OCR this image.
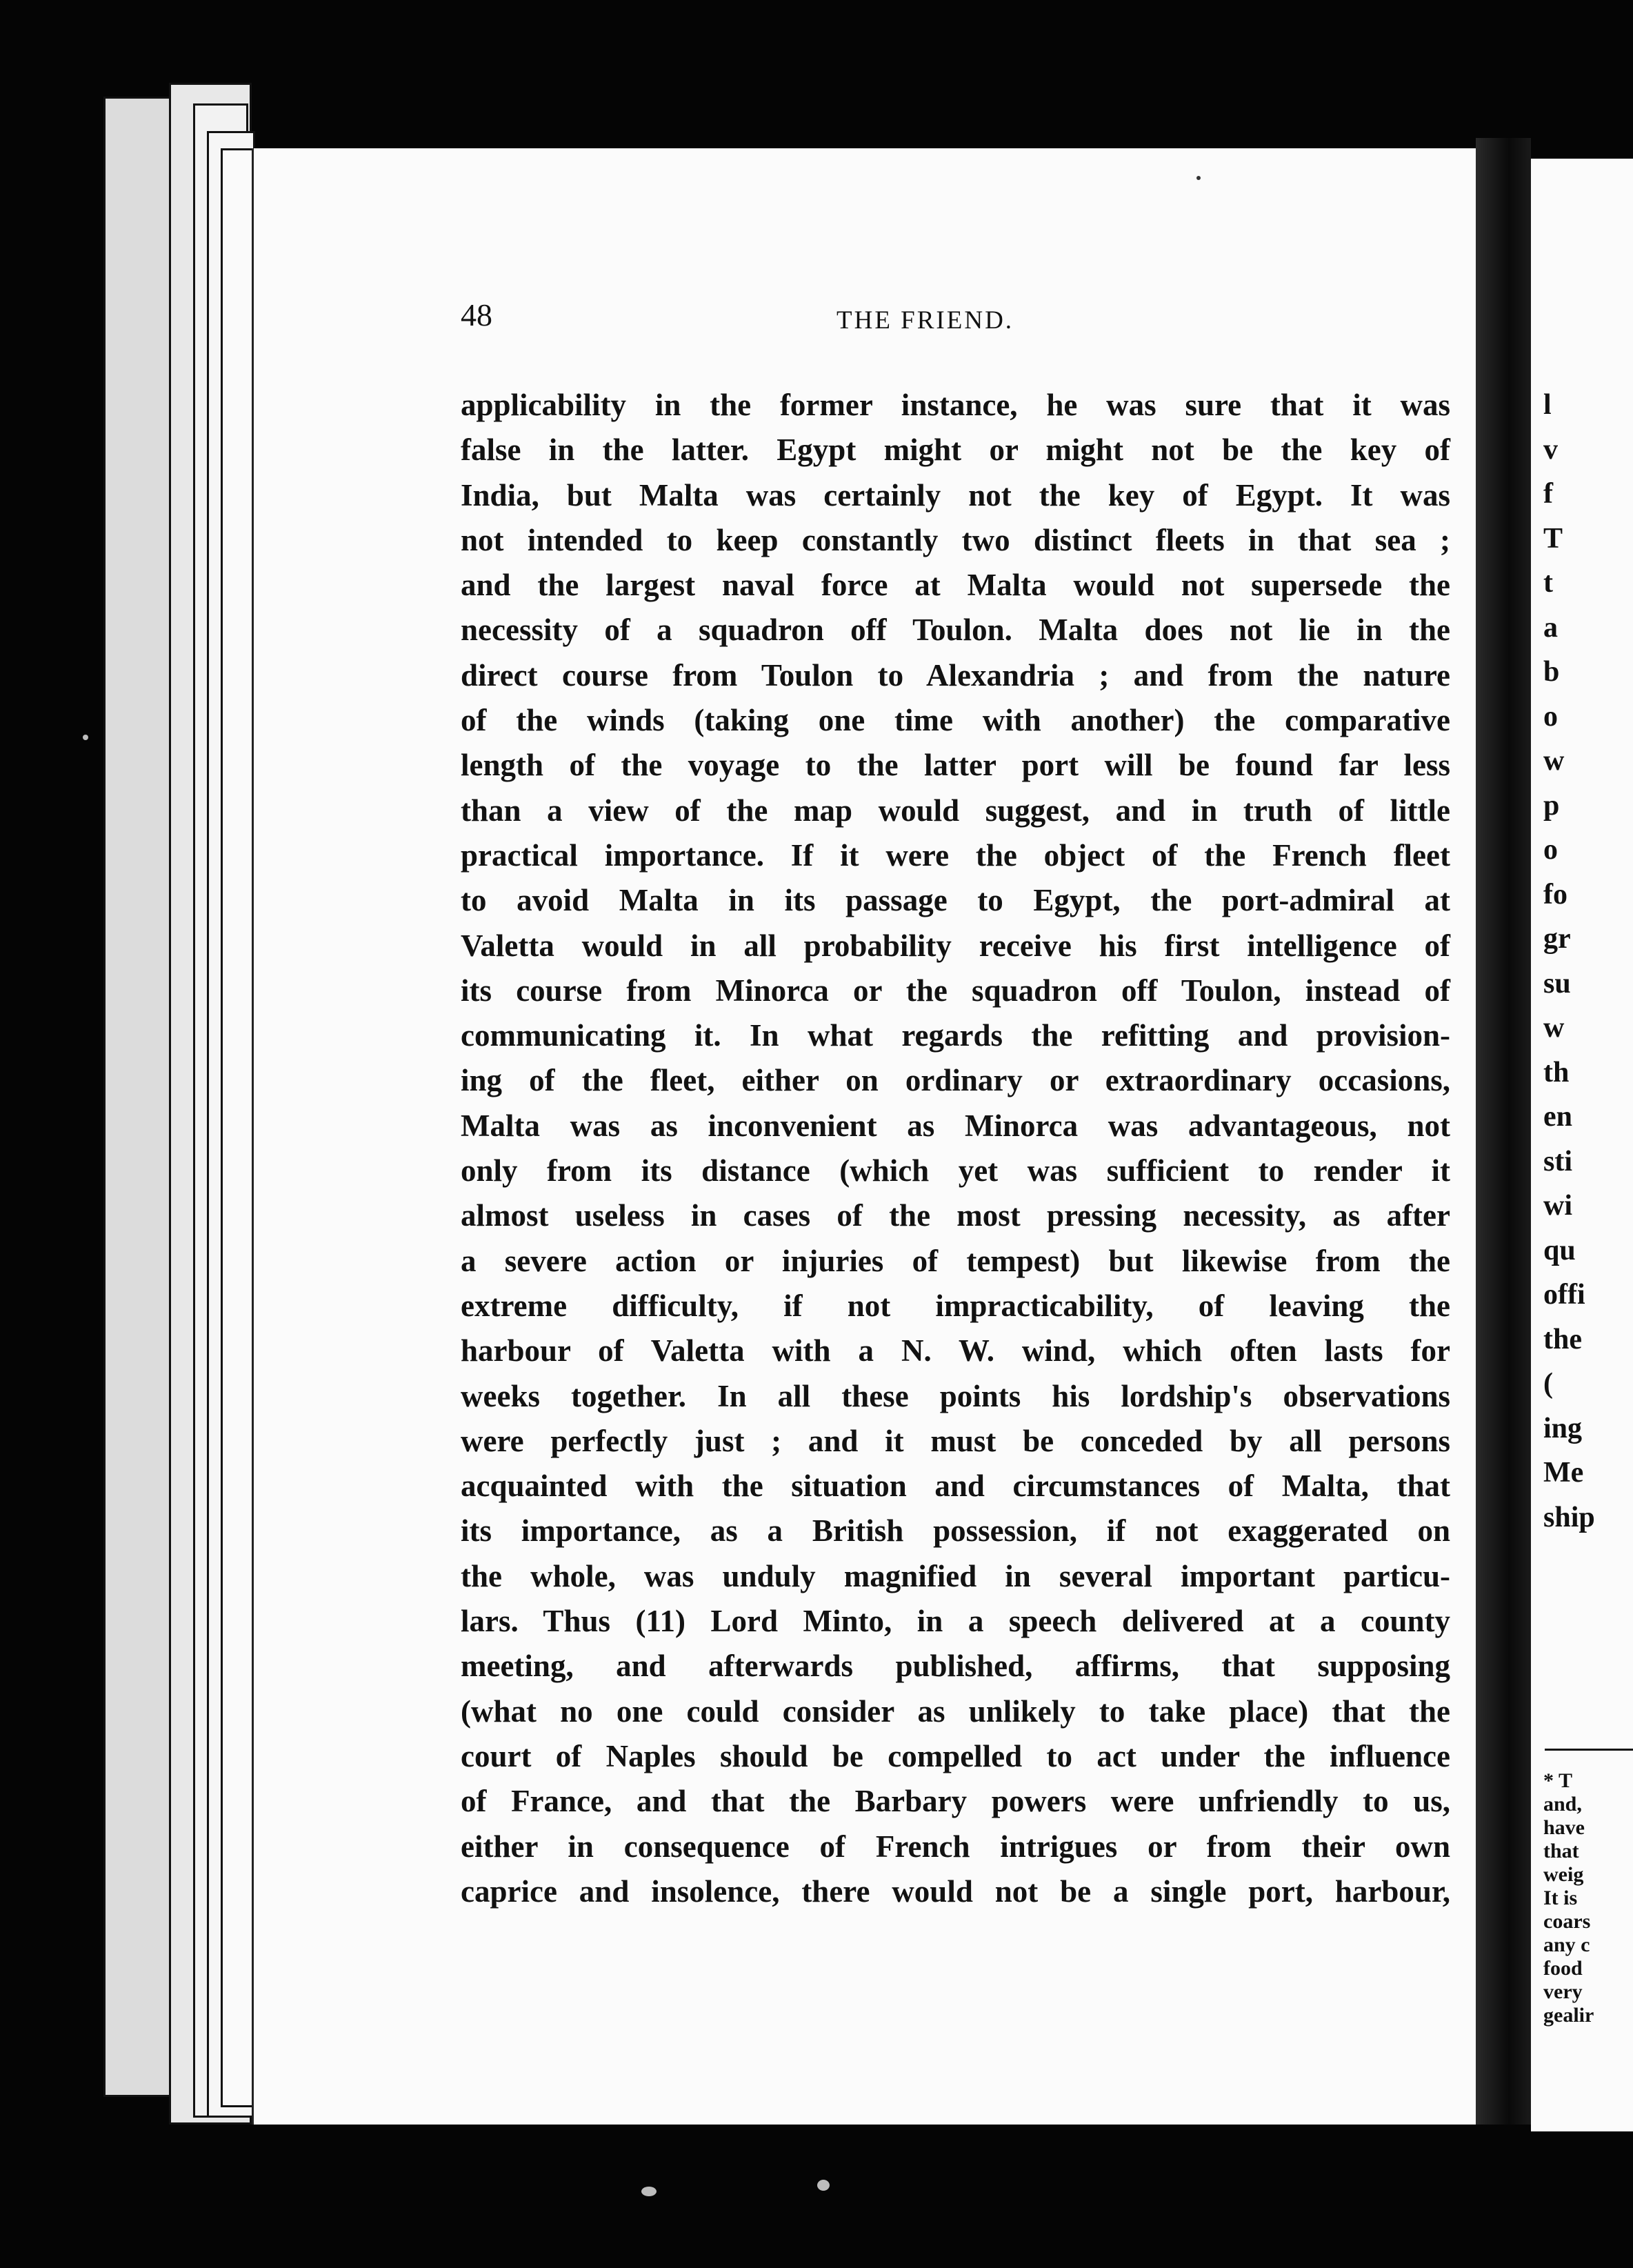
48	THE FRIEND.
applicability in the former instance, he was sure that it was
false in the latter. Egypt might or might not be the key of
India, but Malta was certainly not the key of Egypt. It was
not intended to keep constantly two distinct fleets in that sea ;
and the largest naval force at Malta would not supersede the
necessity of a squadron off Toulon. Malta does not lie in the
direct course from Toulon to Alexandria ; and from the nature
of the winds (taking one time with another) the comparative
length of the voyage to the latter port will be found far less
than a view of the map would suggest, and in truth of little
practical importance. If it were the object of the French fleet
to avoid Malta in its passage to Egypt, the port-admiral at
Valetta would in all probability receive his first intelligence of
its course from Minorca or the squadron off Toulon, instead of
communicating it. In what regards the refitting and provision-
ing of the fleet, either on ordinary or extraordinary occasions,
Malta was as inconvenient as Minorca was advantageous, not
only from its distance (which yet was sufficient to render it
almost useless in cases of the most pressing necessity, as after
a severe action or injuries of tempest) but likewise from the
extreme difficulty, if not impracticability, of leaving the
harbour of Valetta with a N. W. wind, which often lasts for
weeks together. In all these points his lordship's observations
were perfectly just ; and it must be conceded by all persons
acquainted with the situation and circumstances of Malta, that
its importance, as a British possession, if not exaggerated on
the whole, was unduly magnified in several important particu-
lars. Thus (11) Lord Minto, in a speech delivered at a county
meeting, and afterwards published, affirms, that supposing
(what no one could consider as unlikely to take place) that the
court of Naples should be compelled to act under the influence
of France, and that the Barbary powers were unfriendly to us,
either in consequence of French intrigues or from their own
caprice and insolence, there would not be a single port, harbour,
l
v
f
T
t
a
b
o
w
p
o
fo
gr
su
w
th
en
sti
wi
qu
offi
the
(
ing
Me
ship
* T
and,
have
that
weig
It is
coars
any c
food
very
gealir
